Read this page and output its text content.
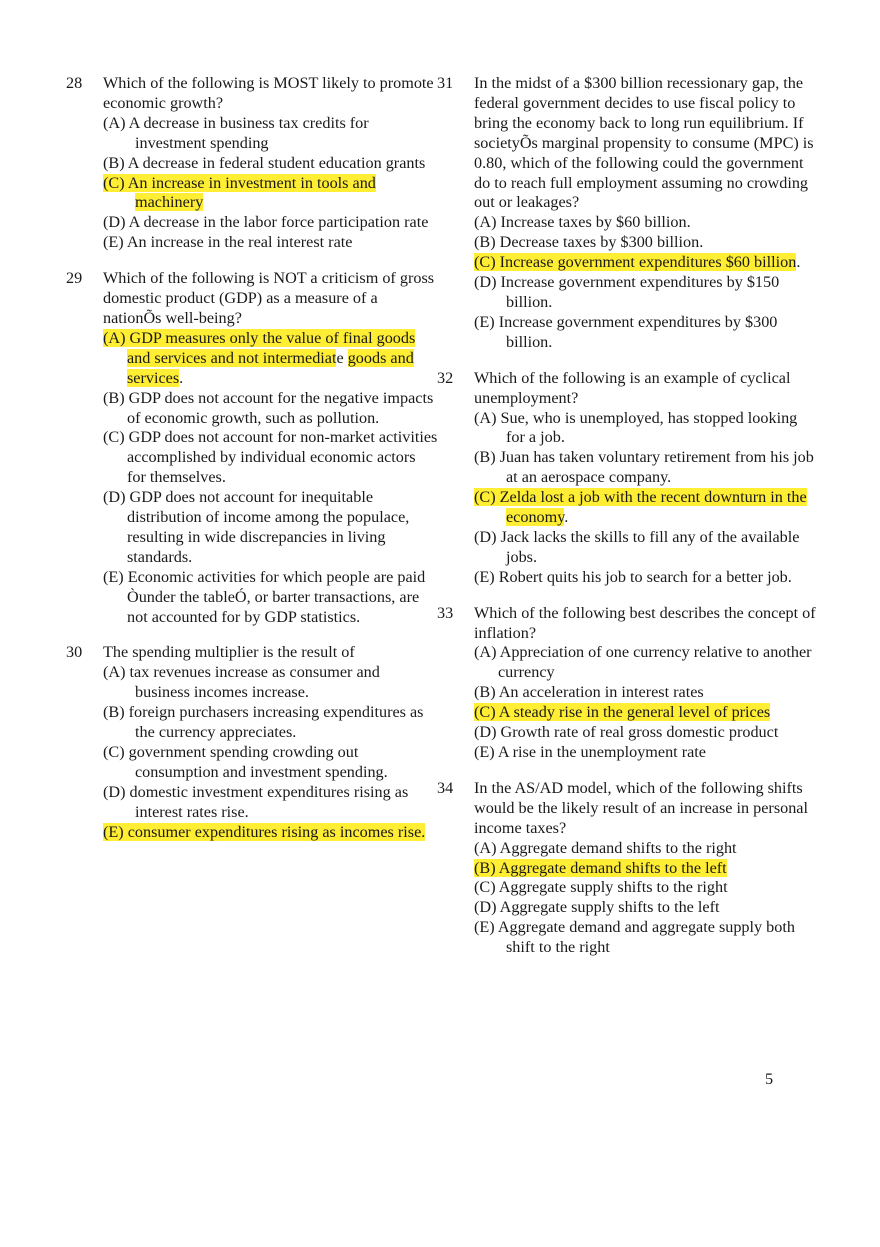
28 Which of the following is MOST likely to promote economic growth?
(A) A decrease in business tax credits for investment spending
(B) A decrease in federal student education grants
(C) An increase in investment in tools and machinery
(D) A decrease in the labor force participation rate
(E) An increase in the real interest rate
29 Which of the following is NOT a criticism of gross domestic product (GDP) as a measure of a nationÕs well-being?
(A) GDP measures only the value of final goods and services and not intermediate goods and services.
(B) GDP does not account for the negative impacts of economic growth, such as pollution.
(C) GDP does not account for non-market activities accomplished by individual economic actors for themselves.
(D) GDP does not account for inequitable distribution of income among the populace, resulting in wide discrepancies in living standards.
(E) Economic activities for which people are paid Òunder the tableÓ, or barter transactions, are not accounted for by GDP statistics.
30 The spending multiplier is the result of
(A) tax revenues increase as consumer and business incomes increase.
(B) foreign purchasers increasing expenditures as the currency appreciates.
(C) government spending crowding out consumption and investment spending.
(D) domestic investment expenditures rising as interest rates rise.
(E) consumer expenditures rising as incomes rise.
31 In the midst of a $300 billion recessionary gap, the federal government decides to use fiscal policy to bring the economy back to long run equilibrium. If societyÕs marginal propensity to consume (MPC) is 0.80, which of the following could the government do to reach full employment assuming no crowding out or leakages?
(A) Increase taxes by $60 billion.
(B) Decrease taxes by $300 billion.
(C) Increase government expenditures $60 billion.
(D) Increase government expenditures by $150 billion.
(E) Increase government expenditures by $300 billion.
32 Which of the following is an example of cyclical unemployment?
(A) Sue, who is unemployed, has stopped looking for a job.
(B) Juan has taken voluntary retirement from his job at an aerospace company.
(C) Zelda lost a job with the recent downturn in the economy.
(D) Jack lacks the skills to fill any of the available jobs.
(E) Robert quits his job to search for a better job.
33 Which of the following best describes the concept of inflation?
(A) Appreciation of one currency relative to another currency
(B) An acceleration in interest rates
(C) A steady rise in the general level of prices
(D) Growth rate of real gross domestic product
(E) A rise in the unemployment rate
34 In the AS/AD model, which of the following shifts would be the likely result of an increase in personal income taxes?
(A) Aggregate demand shifts to the right
(B) Aggregate demand shifts to the left
(C) Aggregate supply shifts to the right
(D) Aggregate supply shifts to the left
(E) Aggregate demand and aggregate supply both shift to the right
5
